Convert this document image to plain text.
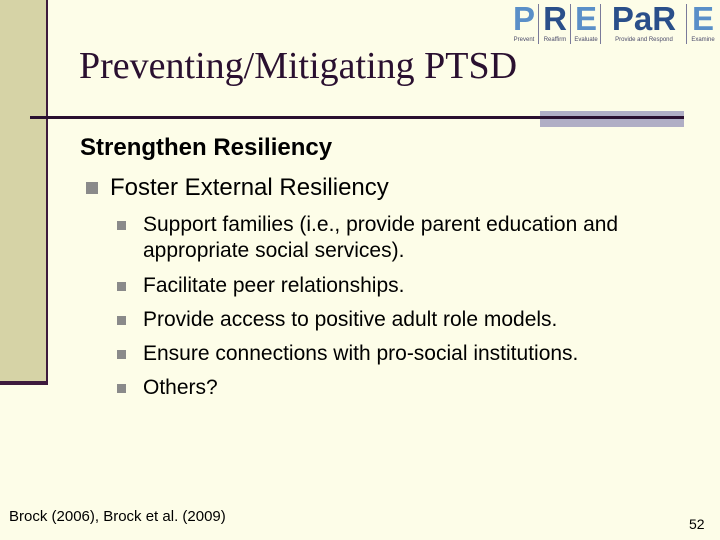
P
Prevent
R
Reaffirm
E
Evaluate
PaR
Provide and Respond
E
Examine
Preventing/Mitigating PTSD
Strengthen Resiliency
Foster External Resiliency
Support families (i.e., provide parent education and appropriate social services).
Facilitate peer relationships.
Provide access to positive adult role models.
Ensure connections with pro-social institutions.
Others?
Brock (2006), Brock et al. (2009)	52
